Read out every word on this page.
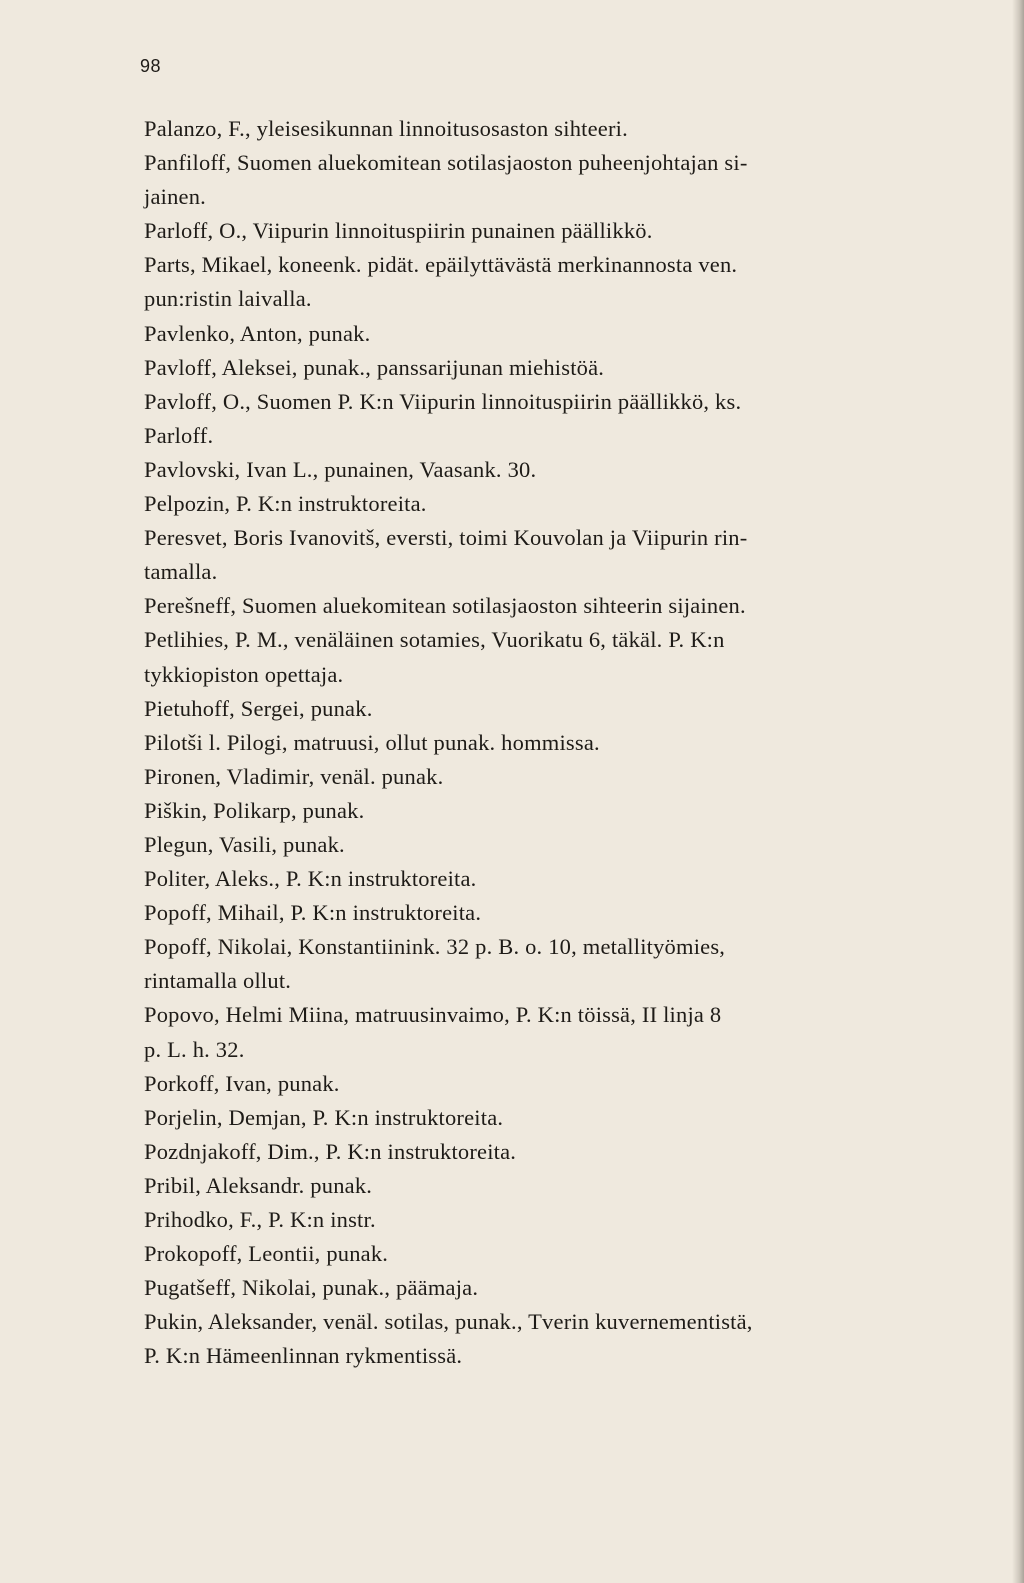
98
Palanzo, F., yleisesikunnan linnoitusosaston sihteeri.
Panfiloff, Suomen aluekomitean sotilasjaoston puheenjohtajan si-
jainen.
Parloff, O., Viipurin linnoituspiirin punainen päällikkö.
Parts, Mikael, koneenk. pidät. epäilyttävästä merkinannosta ven.
pun:ristin laivalla.
Pavlenko, Anton, punak.
Pavloff, Aleksei, punak., panssarijunan miehistöä.
Pavloff, O., Suomen P. K:n Viipurin linnoituspiirin päällikkö, ks.
Parloff.
Pavlovski, Ivan L., punainen, Vaasank. 30.
Pelpozin, P. K:n instruktoreita.
Peresvet, Boris Ivanovitš, eversti, toimi Kouvolan ja Viipurin rin-
tamalla.
Perešneff, Suomen aluekomitean sotilasjaoston sihteerin sijainen.
Petlihies, P. M., venäläinen sotamies, Vuorikatu 6, täkäl. P. K:n
tykkiopiston opettaja.
Pietuhoff, Sergei, punak.
Pilotši l. Pilogi, matruusi, ollut punak. hommissa.
Pironen, Vladimir, venäl. punak.
Piškin, Polikarp, punak.
Plegun, Vasili, punak.
Politer, Aleks., P. K:n instruktoreita.
Popoff, Mihail, P. K:n instruktoreita.
Popoff, Nikolai, Konstantiinink. 32 p. B. o. 10, metallityömies,
rintamalla ollut.
Popovo, Helmi Miina, matruusinvaimo, P. K:n töissä, II linja 8
p. L. h. 32.
Porkoff, Ivan, punak.
Porjelin, Demjan, P. K:n instruktoreita.
Pozdnjakoff, Dim., P. K:n instruktoreita.
Pribil, Aleksandr. punak.
Prihodko, F., P. K:n instr.
Prokopoff, Leontii, punak.
Pugatšeff, Nikolai, punak., päämaja.
Pukin, Aleksander, venäl. sotilas, punak., Tverin kuvernementistä,
P. K:n Hämeenlinnan rykmentissä.
